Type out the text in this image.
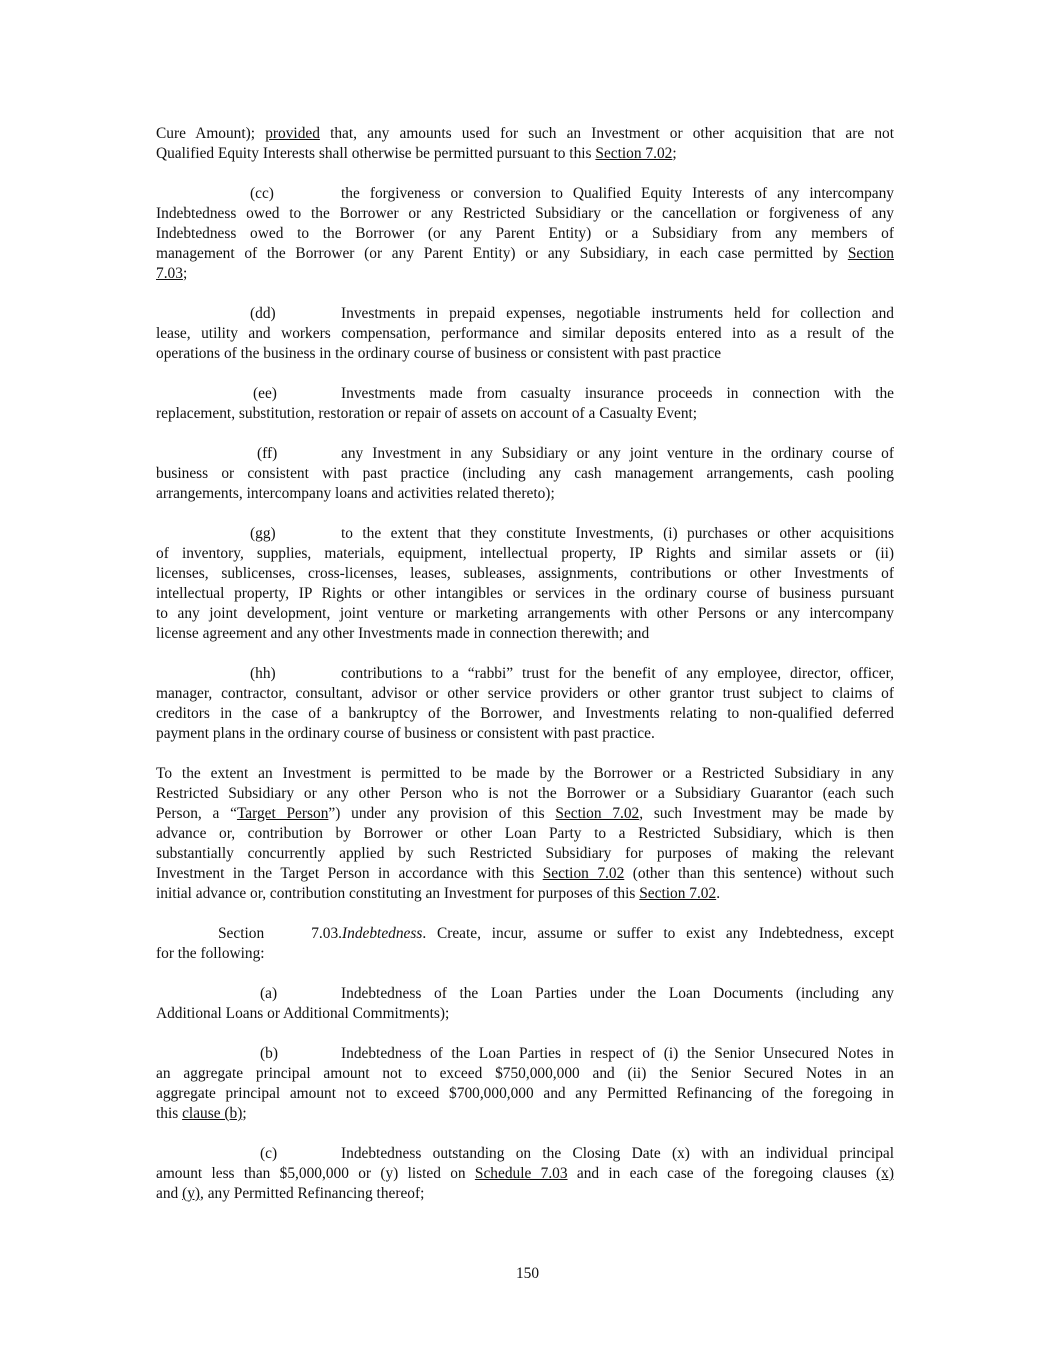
Cure Amount); provided that, any amounts used for such an Investment or other acquisition that are not
Qualified Equity Interests shall otherwise be permitted pursuant to this Section 7.02;
(cc)	the forgiveness or conversion to Qualified Equity Interests of any intercompany
Indebtedness owed to the Borrower or any Restricted Subsidiary or the cancellation or forgiveness of any
Indebtedness owed to the Borrower (or any Parent Entity) or a Subsidiary from any members of
management of the Borrower (or any Parent Entity) or any Subsidiary, in each case permitted by Section
7.03;
(dd)	Investments in prepaid expenses, negotiable instruments held for collection and
lease, utility and workers compensation, performance and similar deposits entered into as a result of the
operations of the business in the ordinary course of business or consistent with past practice
(ee)	Investments made from casualty insurance proceeds in connection with the
replacement, substitution, restoration or repair of assets on account of a Casualty Event;
(ff)	any Investment in any Subsidiary or any joint venture in the ordinary course of
business or consistent with past practice (including any cash management arrangements, cash pooling
arrangements, intercompany loans and activities related thereto);
(gg)	to the extent that they constitute Investments, (i) purchases or other acquisitions
of inventory, supplies, materials, equipment, intellectual property, IP Rights and similar assets or (ii)
licenses, sublicenses, cross-licenses, leases, subleases, assignments, contributions or other Investments of
intellectual property, IP Rights or other intangibles or services in the ordinary course of business pursuant
to any joint development, joint venture or marketing arrangements with other Persons or any intercompany
license agreement and any other Investments made in connection therewith; and
(hh)	contributions to a “rabbi” trust for the benefit of any employee, director, officer,
manager, contractor, consultant, advisor or other service providers or other grantor trust subject to claims of
creditors in the case of a bankruptcy of the Borrower, and Investments relating to non-qualified deferred
payment plans in the ordinary course of business or consistent with past practice.
To the extent an Investment is permitted to be made by the Borrower or a Restricted Subsidiary in any
Restricted Subsidiary or any other Person who is not the Borrower or a Subsidiary Guarantor (each such
Person, a “Target Person”) under any provision of this Section 7.02, such Investment may be made by
advance or, contribution by Borrower or other Loan Party to a Restricted Subsidiary, which is then
substantially concurrently applied by such Restricted Subsidiary for purposes of making the relevant
Investment in the Target Person in accordance with this Section 7.02 (other than this sentence) without such
initial advance or, contribution constituting an Investment for purposes of this Section 7.02.
Section 7.03.Indebtedness. Create, incur, assume or suffer to exist any Indebtedness, except
for the following:
(a)	Indebtedness of the Loan Parties under the Loan Documents (including any
Additional Loans or Additional Commitments);
(b)	Indebtedness of the Loan Parties in respect of (i) the Senior Unsecured Notes in
an aggregate principal amount not to exceed $750,000,000 and (ii) the Senior Secured Notes in an
aggregate principal amount not to exceed $700,000,000 and any Permitted Refinancing of the foregoing in
this clause (b);
(c)	Indebtedness outstanding on the Closing Date (x) with an individual principal
amount less than $5,000,000 or (y) listed on Schedule 7.03 and in each case of the foregoing clauses (x)
and (y), any Permitted Refinancing thereof;
150
